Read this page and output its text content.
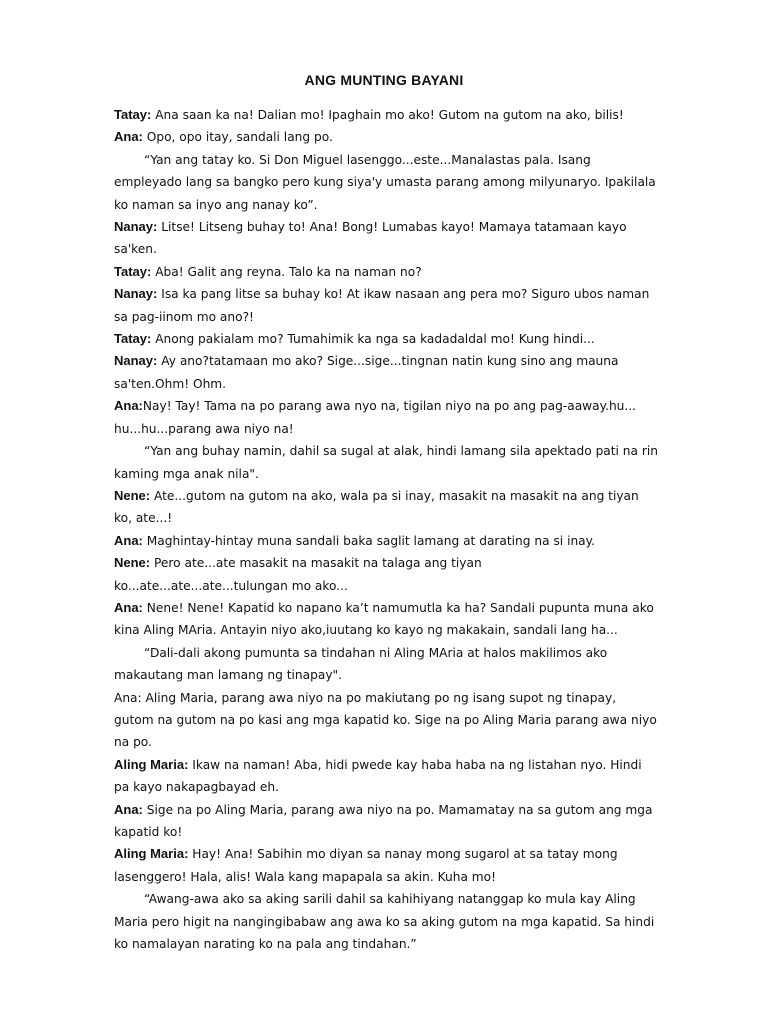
ANG MUNTING BAYANI

Tatay: Ana saan ka na! Dalian mo! Ipaghain mo ako! Gutom na gutom na ako, bilis!

Ana: Opo, opo itay, sandali lang po.

“Yan ang tatay ko. Si Don Miguel lasenggo...este...Manalastas pala. Isang empleyado lang sa bangko pero kung siya'y umasta parang among milyunaryo. Ipakilala ko naman sa inyo ang nanay ko”.

Nanay: Litse! Litseng buhay to! Ana! Bong! Lumabas kayo! Mamaya tatamaan kayo sa'ken.

Tatay: Aba! Galit ang reyna. Talo ka na naman no?

Nanay: Isa ka pang litse sa buhay ko! At ikaw nasaan ang pera mo? Siguro ubos naman sa pag-iinom mo ano?!

Tatay: Anong pakialam mo? Tumahimik ka nga sa kadadaldal mo! Kung hindi...

Nanay: Ay ano?tatamaan mo ako? Sige...sige...tingnan natin kung sino ang mauna sa'ten.Ohm! Ohm.

Ana:Nay! Tay! Tama na po parang awa nyo na, tigilan niyo na po ang pag-aaway.hu... hu...hu...parang awa niyo na!

“Yan ang buhay namin, dahil sa sugal at alak, hindi lamang sila apektado pati na rin kaming mga anak nila".

Nene: Ate...gutom na gutom na ako, wala pa si inay, masakit na masakit na ang tiyan ko, ate...!

Ana: Maghintay-hintay muna sandali baka saglit lamang at darating na si inay.

Nene: Pero ate...ate masakit na masakit na talaga ang tiyan ko...ate...ate...ate...tulungan mo ako...

Ana: Nene! Nene! Kapatid ko napano ka’t namumutla ka ha? Sandali pupunta muna ako kina Aling MAria. Antayin niyo ako,iuutang ko kayo ng makakain, sandali lang ha...

“Dali-dali akong pumunta sa tindahan ni Aling MAria at halos makilimos ako makautang man lamang ng tinapay".

Ana: Aling Maria, parang awa niyo na po makiutang po ng isang supot ng tinapay, gutom na gutom na po kasi ang mga kapatid ko. Sige na po Aling Maria parang awa niyo na po.

Aling Maria: Ikaw na naman! Aba, hidi pwede kay haba haba na ng listahan nyo. Hindi pa kayo nakapagbayad eh.

Ana: Sige na po Aling Maria, parang awa niyo na po. Mamamatay na sa gutom ang mga kapatid ko!

Aling Maria: Hay! Ana! Sabihin mo diyan sa nanay mong sugarol at sa tatay mong lasenggero! Hala, alis! Wala kang mapapala sa akin. Kuha mo!

“Awang-awa ako sa aking sarili dahil sa kahihiyang natanggap ko mula kay Aling Maria pero higit na nangingibabaw ang awa ko sa aking gutom na mga kapatid. Sa hindi ko namalayan narating ko na pala ang tindahan.”
